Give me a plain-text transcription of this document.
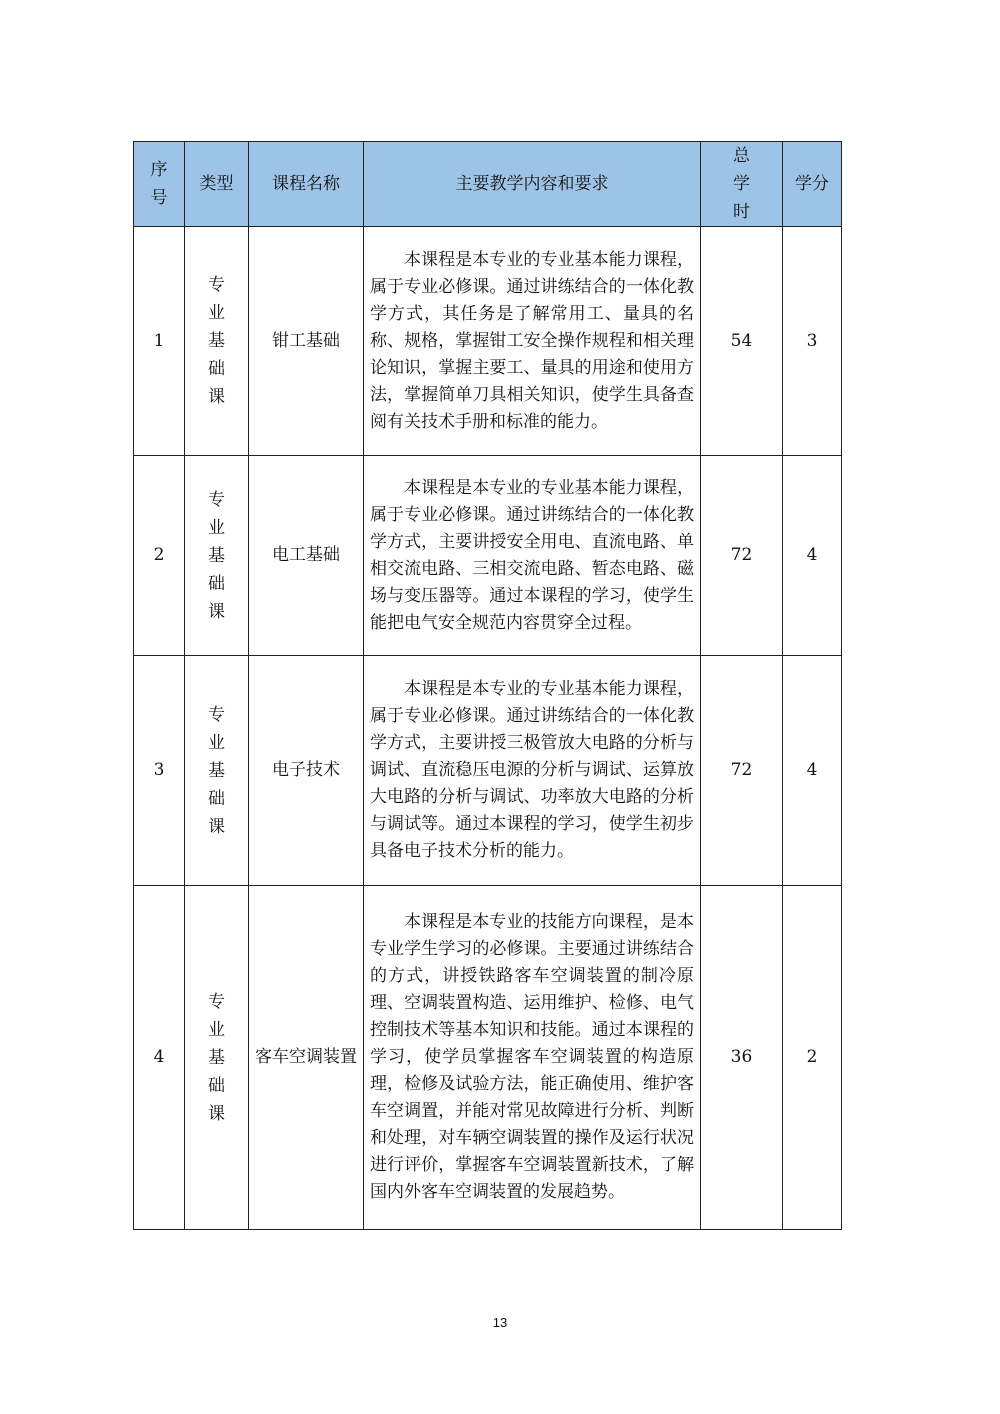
序号	类型	课程名称	主要教学内容和要求	总学时	学分
1	专业基础课	钳工基础	本课程是本专业的专业基本能力课程，属于专业必修课。通过讲练结合的一体化教学方式，其任务是了解常用工、量具的名称、规格，掌握钳工安全操作规程和相关理论知识，掌握主要工、量具的用途和使用方法，掌握简单刀具相关知识，使学生具备查阅有关技术手册和标准的能力。	54	3
2	专业基础课	电工基础	本课程是本专业的专业基本能力课程，属于专业必修课。通过讲练结合的一体化教学方式，主要讲授安全用电、直流电路、单相交流电路、三相交流电路、暂态电路、磁场与变压器等。通过本课程的学习，使学生能把电气安全规范内容贯穿全过程。	72	4
3	专业基础课	电子技术	本课程是本专业的专业基本能力课程，属于专业必修课。通过讲练结合的一体化教学方式，主要讲授三极管放大电路的分析与调试、直流稳压电源的分析与调试、运算放大电路的分析与调试、功率放大电路的分析与调试等。通过本课程的学习，使学生初步具备电子技术分析的能力。	72	4
4	专业基础课	客车空调装置	本课程是本专业的技能方向课程，是本专业学生学习的必修课。主要通过讲练结合的方式，讲授铁路客车空调装置的制冷原理、空调装置构造、运用维护、检修、电气控制技术等基本知识和技能。通过本课程的学习，使学员掌握客车空调装置的构造原理，检修及试验方法，能正确使用、维护客车空调置，并能对常见故障进行分析、判断和处理，对车辆空调装置的操作及运行状况进行评价，掌握客车空调装置新技术，了解国内外客车空调装置的发展趋势。	36	2
13
